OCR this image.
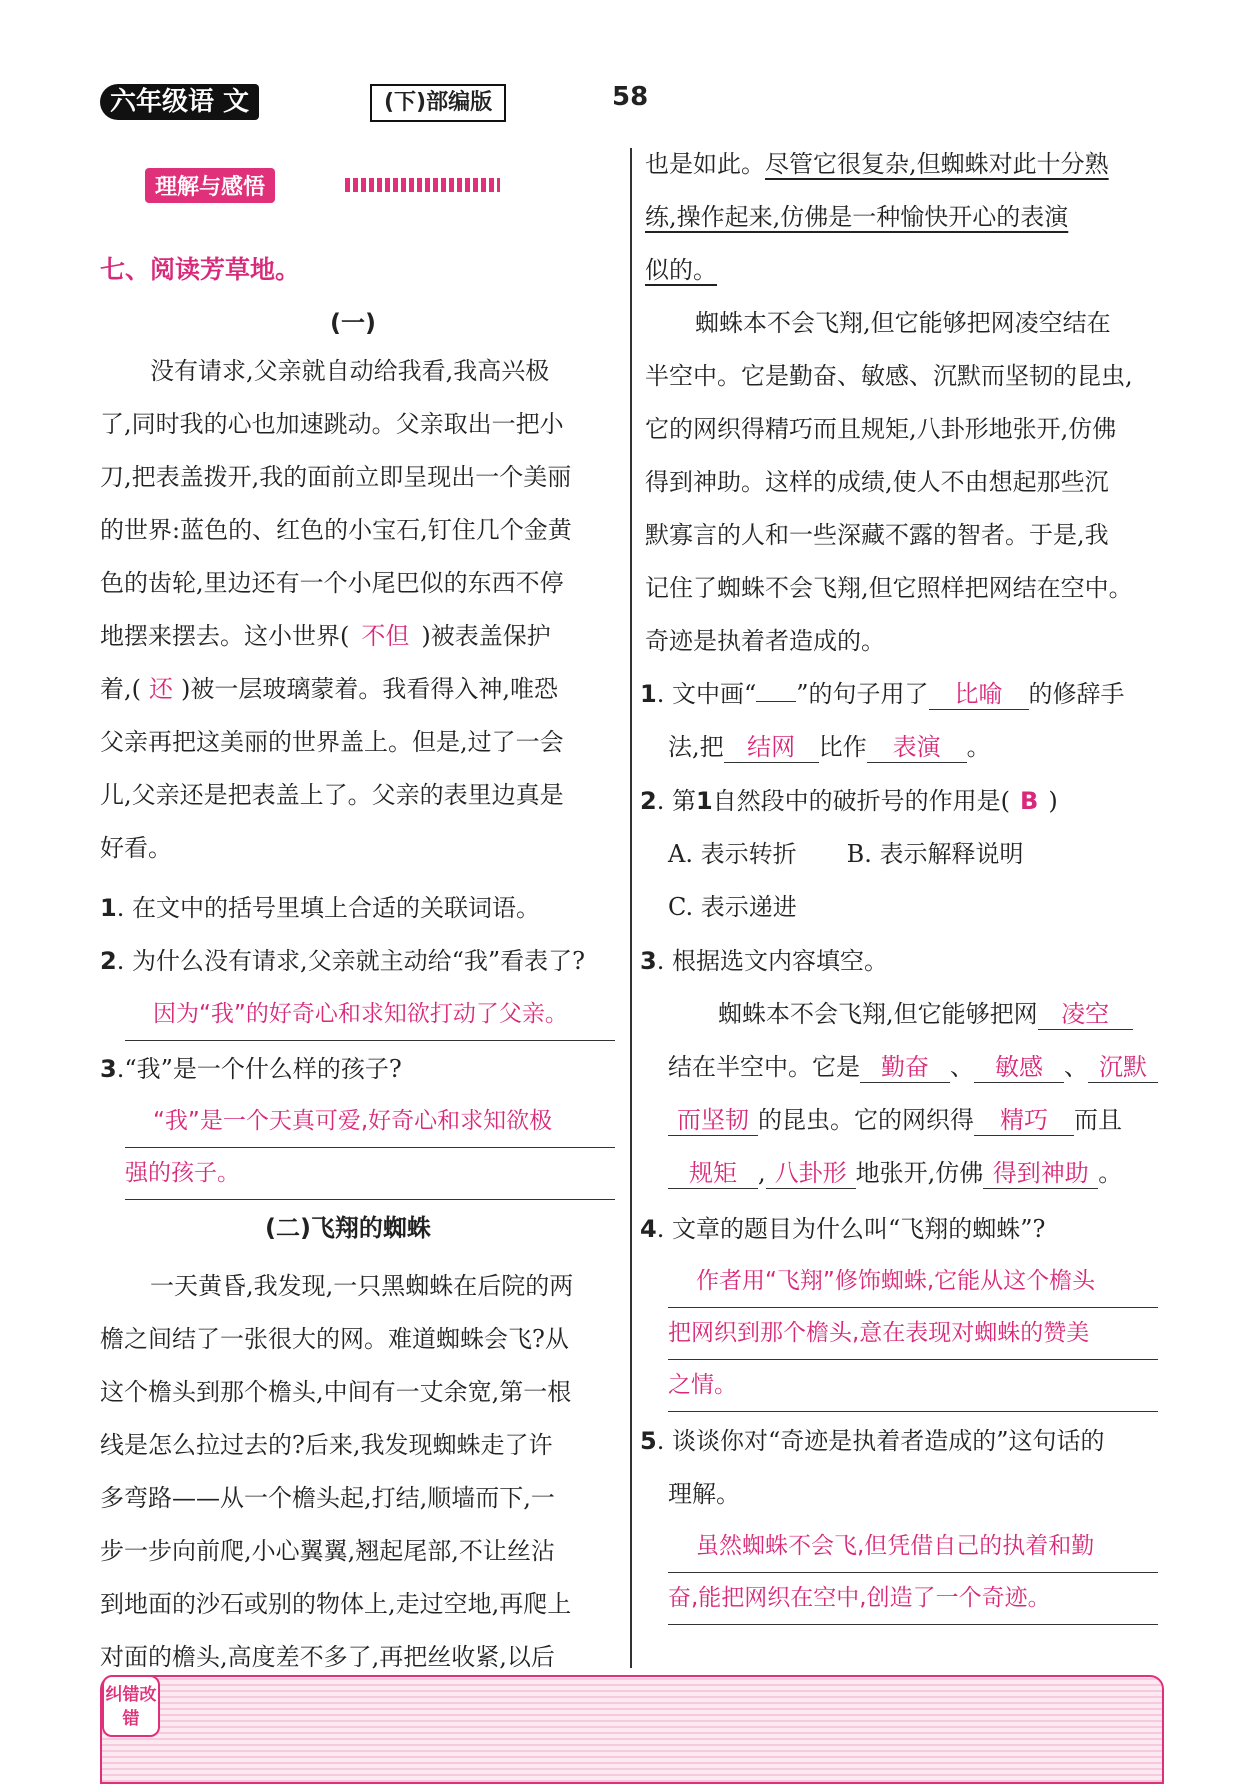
六年级语 文	(下)部编版	58
理解与感悟
七、阅读芳草地。
(一)
没有请求,父亲就自动给我看,我高兴极
了,同时我的心也加速跳动。父亲取出一把小
刀,把表盖拨开,我的面前立即呈现出一个美丽
的世界:蓝色的、红色的小宝石,钉住几个金黄
色的齿轮,里边还有一个小尾巴似的东西不停
地摆来摆去。这小世界( 不但 )被表盖保护
着,( 还 )被一层玻璃蒙着。我看得入神,唯恐
父亲再把这美丽的世界盖上。但是,过了一会
儿,父亲还是把表盖上了。父亲的表里边真是
好看。
1. 在文中的括号里填上合适的关联词语。
2. 为什么没有请求,父亲就主动给“我”看表了?
因为“我”的好奇心和求知欲打动了父亲。
3.“我”是一个什么样的孩子?
“我”是一个天真可爱,好奇心和求知欲极
强的孩子。
(二)飞翔的蜘蛛
一天黄昏,我发现,一只黑蜘蛛在后院的两
檐之间结了一张很大的网。难道蜘蛛会飞?从
这个檐头到那个檐头,中间有一丈余宽,第一根
线是怎么拉过去的?后来,我发现蜘蛛走了许
多弯路——从一个檐头起,打结,顺墙而下,一
步一步向前爬,小心翼翼,翘起尾部,不让丝沾
到地面的沙石或别的物体上,走过空地,再爬上
对面的檐头,高度差不多了,再把丝收紧,以后
也是如此。尽管它很复杂,但蜘蛛对此十分熟
练,操作起来,仿佛是一种愉快开心的表演
似的。
蜘蛛本不会飞翔,但它能够把网凌空结在
半空中。它是勤奋、敏感、沉默而坚韧的昆虫,
它的网织得精巧而且规矩,八卦形地张开,仿佛
得到神助。这样的成绩,使人不由想起那些沉
默寡言的人和一些深藏不露的智者。于是,我
记住了蜘蛛不会飞翔,但它照样把网结在空中。
奇迹是执着者造成的。
1. 文中画“ ”的句子用了 比喻 的修辞手
法,把 结网 比作 表演 。
2. 第1自然段中的破折号的作用是( B )
A. 表示转折 B. 表示解释说明
C. 表示递进
3. 根据选文内容填空。
蜘蛛本不会飞翔,但它能够把网 凌空
结在半空中。它是 勤奋 、 敏感 、 沉默
而坚韧 的昆虫。它的网织得 精巧 而且
规矩 , 八卦形 地张开,仿佛 得到神助 。
4. 文章的题目为什么叫“飞翔的蜘蛛”?
作者用“飞翔”修饰蜘蛛,它能从这个檐头
把网织到那个檐头,意在表现对蜘蛛的赞美
之情。
5. 谈谈你对“奇迹是执着者造成的”这句话的
理解。
虽然蜘蛛不会飞,但凭借自己的执着和勤
奋,能把网织在空中,创造了一个奇迹。
纠错改错
